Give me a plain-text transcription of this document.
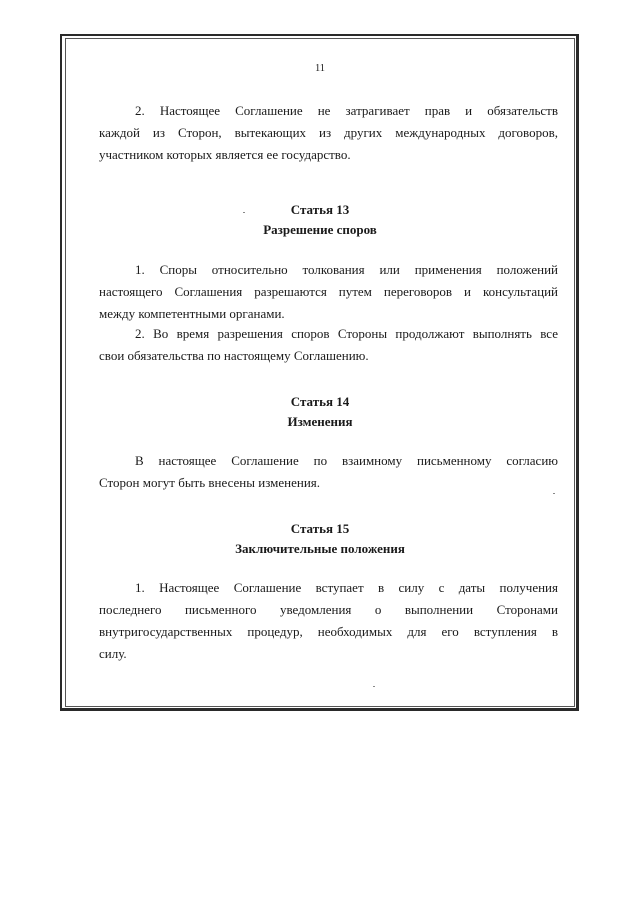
11
2. Настоящее Соглашение не затрагивает прав и обязательств
каждой из Сторон, вытекающих из других международных договоров,
участником которых является ее государство.
Статья 13
Разрешение споров
1. Споры относительно толкования или применения положений
настоящего Соглашения разрешаются путем переговоров и консультаций
между компетентными органами.
2. Во время разрешения споров Стороны продолжают выполнять все
свои обязательства по настоящему Соглашению.
Статья 14
Изменения
В настоящее Соглашение по взаимному письменному согласию
Сторон могут быть внесены изменения.
Статья 15
Заключительные положения
1. Настоящее Соглашение вступает в силу с даты получения
последнего письменного уведомления о выполнении Сторонами
внутригосударственных процедур, необходимых для его вступления в
силу.
